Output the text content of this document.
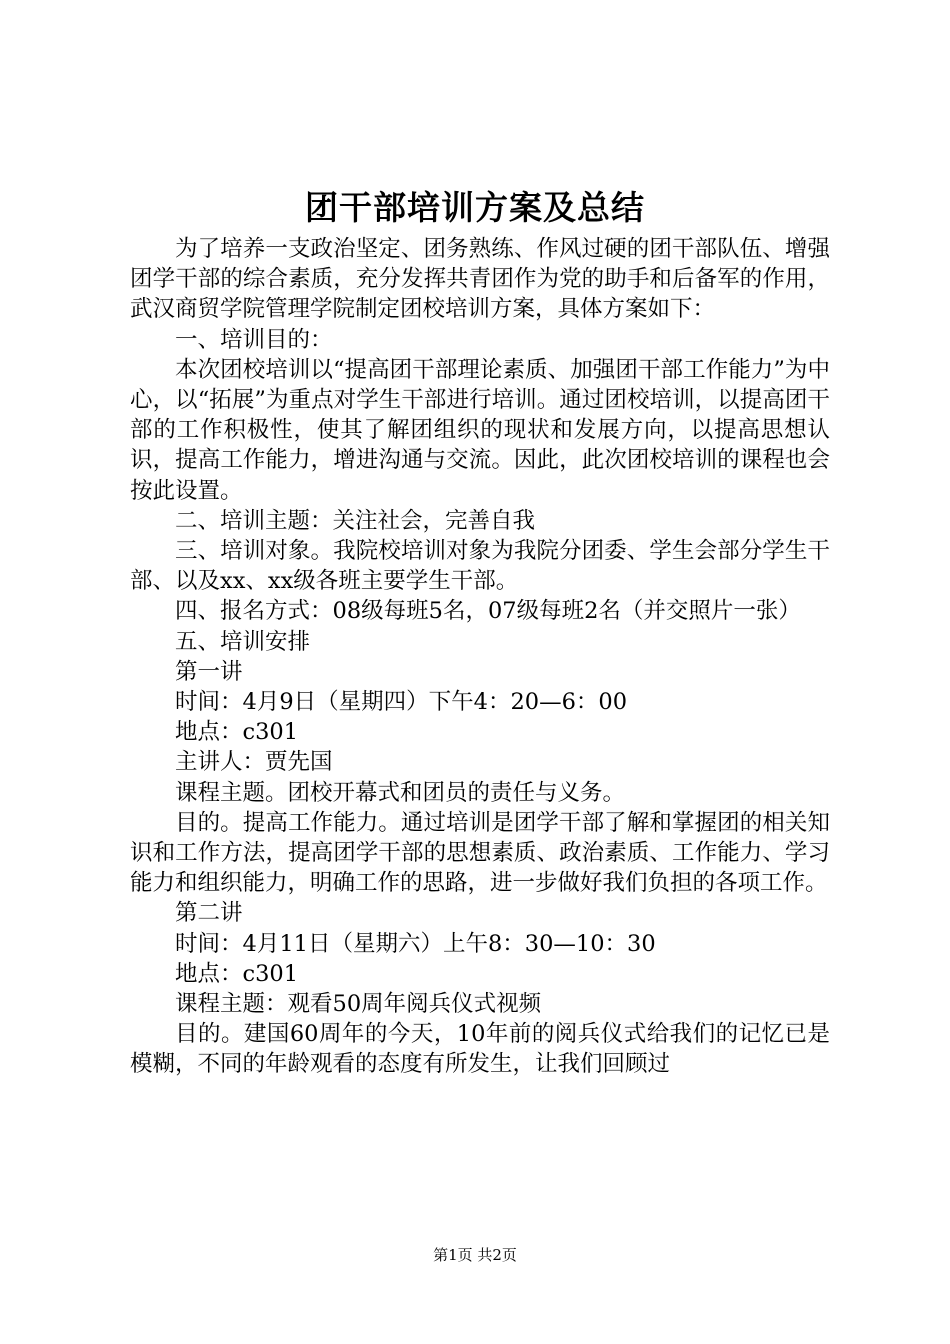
团干部培训方案及总结

为了培养一支政治坚定、团务熟练、作风过硬的团干部队伍、增强团学干部的综合素质，充分发挥共青团作为党的助手和后备军的作用，武汉商贸学院管理学院制定团校培训方案，具体方案如下：

一、培训目的：

本次团校培训以“提高团干部理论素质、加强团干部工作能力”为中心，以“拓展”为重点对学生干部进行培训。通过团校培训，以提高团干部的工作积极性，使其了解团组织的现状和发展方向，以提高思想认识，提高工作能力，增进沟通与交流。因此，此次团校培训的课程也会按此设置。

二、培训主题：关注社会，完善自我

三、培训对象。我院校培训对象为我院分团委、学生会部分学生干部、以及xx、xx级各班主要学生干部。

四、报名方式：08级每班5名，07级每班2名（并交照片一张）

五、培训安排

第一讲

时间：4月9日（星期四）下午4：20—6：00

地点：c301

主讲人：贾先国

课程主题。团校开幕式和团员的责任与义务。

目的。提高工作能力。通过培训是团学干部了解和掌握团的相关知识和工作方法，提高团学干部的思想素质、政治素质、工作能力、学习能力和组织能力，明确工作的思路，进一步做好我们负担的各项工作。

第二讲

时间：4月11日（星期六）上午8：30—10：30

地点：c301

课程主题：观看50周年阅兵仪式视频

目的。建国60周年的今天，10年前的阅兵仪式给我们的记忆已是模糊，不同的年龄观看的态度有所发生，让我们回顾过

第1页 共2页
